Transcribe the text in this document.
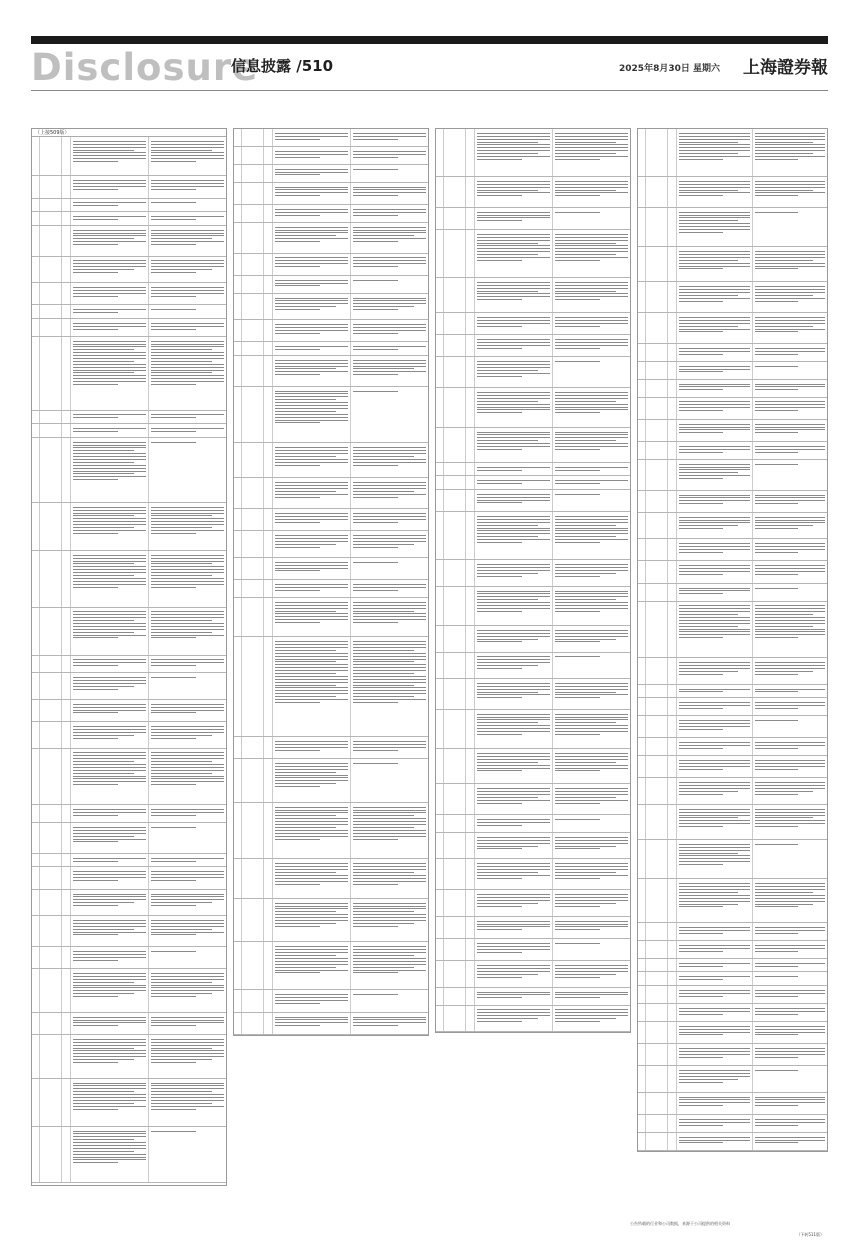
Disclosure
信息披露 /510	2025年8月30日 星期六 上海證券報
（上接509版）
公告所载的行业和公司数据，来源于公司提供的相关资料
（下转511版）
